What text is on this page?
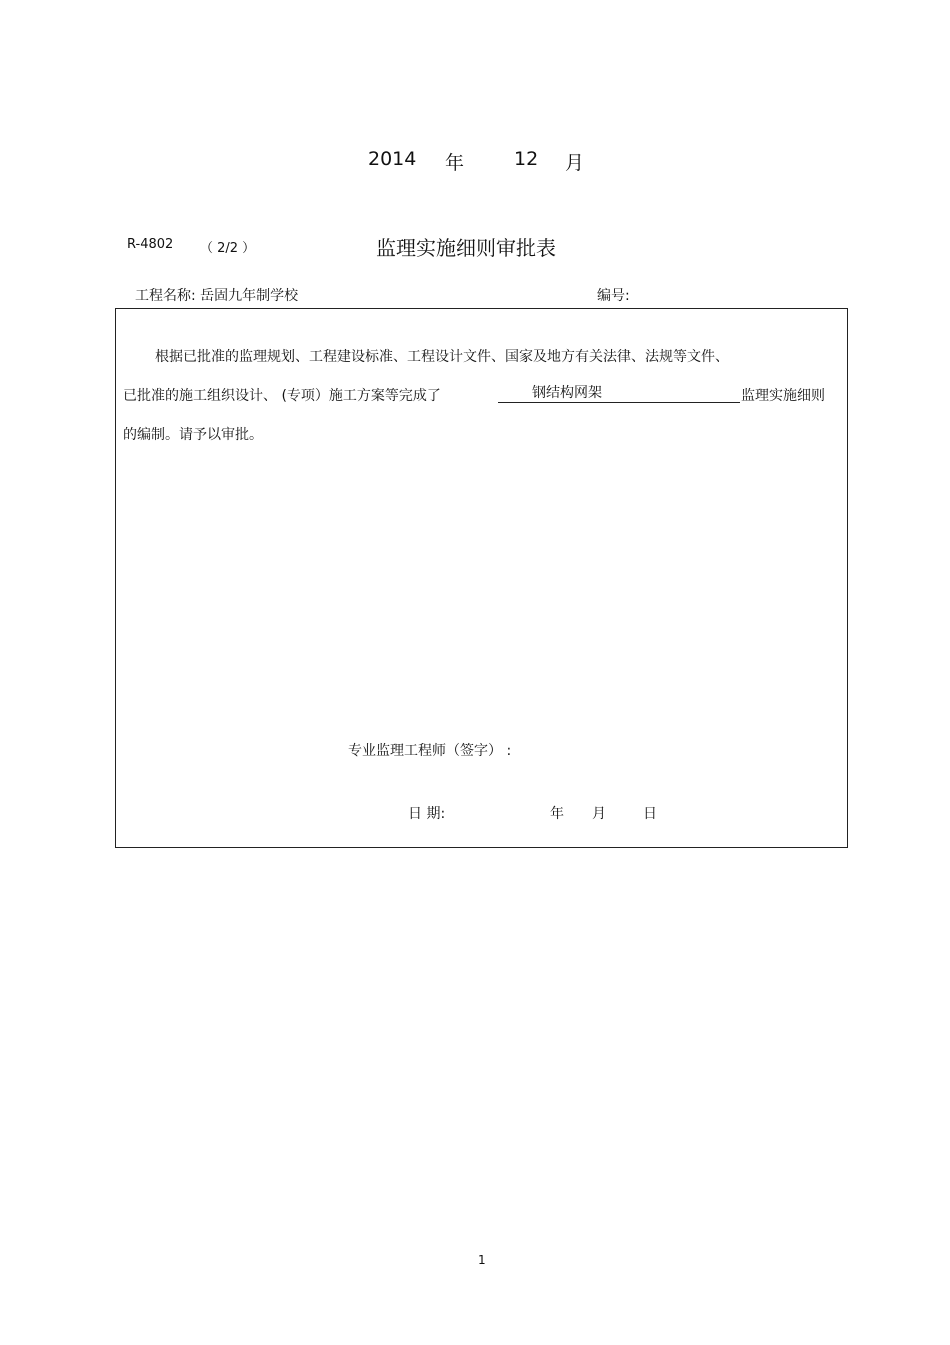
2014 年	12 月
R-4802 （ 2/2 ）	监理实施细则审批表
工程名称: 岳固九年制学校	编号:
根据已批准的监理规划、工程建设标准、工程设计文件、国家及地方有关法律、法规等文件、
已批准的施工组织设计、 (专项）施工方案等完成了	钢结构网架	监理实施细则
的编制。请予以审批。
专业监理工程师（签字） :
日 期:	年 月	日
1
